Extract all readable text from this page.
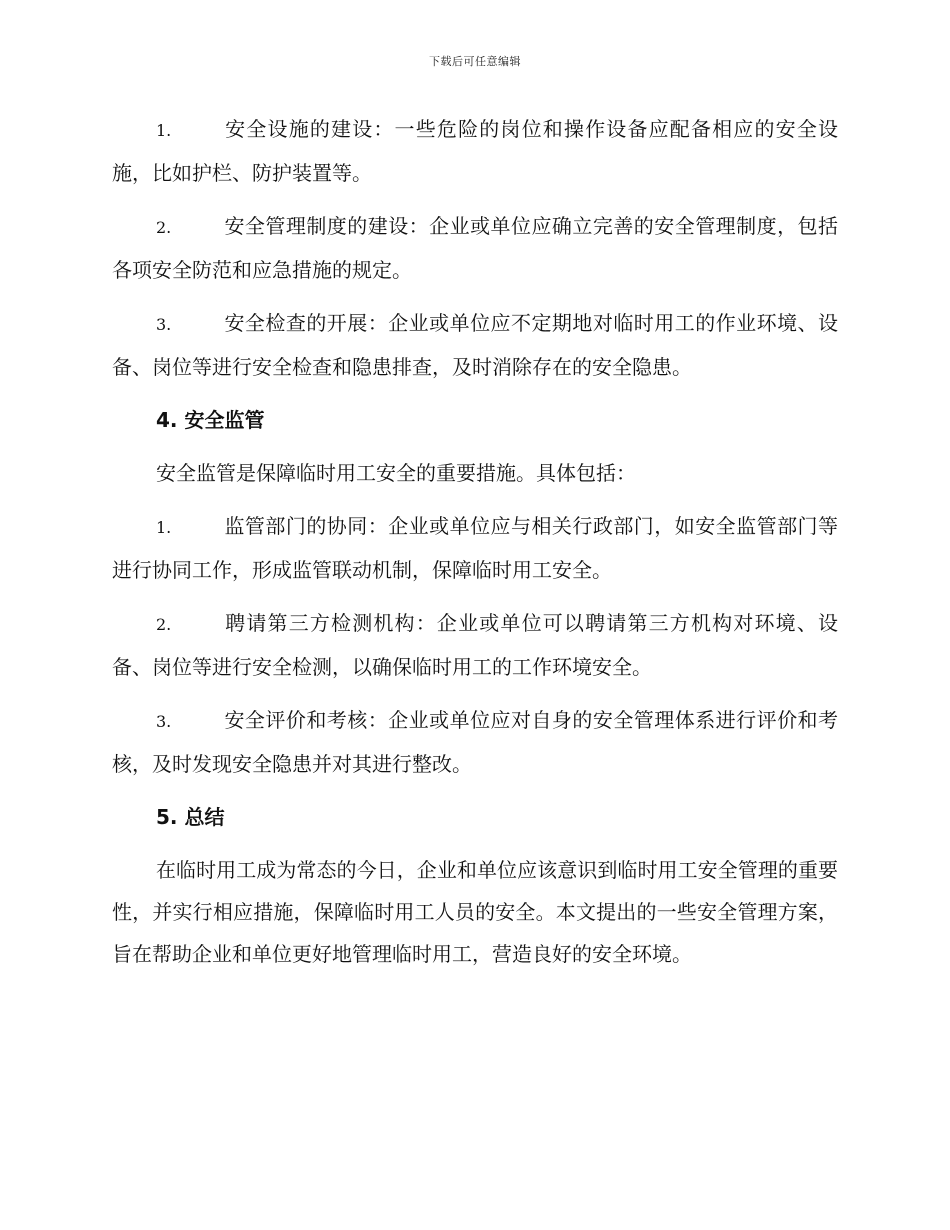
下载后可任意编辑
1.	安全设施的建设：一些危险的岗位和操作设备应配备相应的安全设施，比如护栏、防护装置等。
2.	安全管理制度的建设：企业或单位应确立完善的安全管理制度，包括各项安全防范和应急措施的规定。
3.	安全检查的开展：企业或单位应不定期地对临时用工的作业环境、设备、岗位等进行安全检查和隐患排查，及时消除存在的安全隐患。
4. 安全监管
安全监管是保障临时用工安全的重要措施。具体包括：
1.	监管部门的协同：企业或单位应与相关行政部门，如安全监管部门等进行协同工作，形成监管联动机制，保障临时用工安全。
2.	聘请第三方检测机构：企业或单位可以聘请第三方机构对环境、设备、岗位等进行安全检测，以确保临时用工的工作环境安全。
3.	安全评价和考核：企业或单位应对自身的安全管理体系进行评价和考核，及时发现安全隐患并对其进行整改。
5. 总结
在临时用工成为常态的今日，企业和单位应该意识到临时用工安全管理的重要性，并实行相应措施，保障临时用工人员的安全。本文提出的一些安全管理方案，旨在帮助企业和单位更好地管理临时用工，营造良好的安全环境。
